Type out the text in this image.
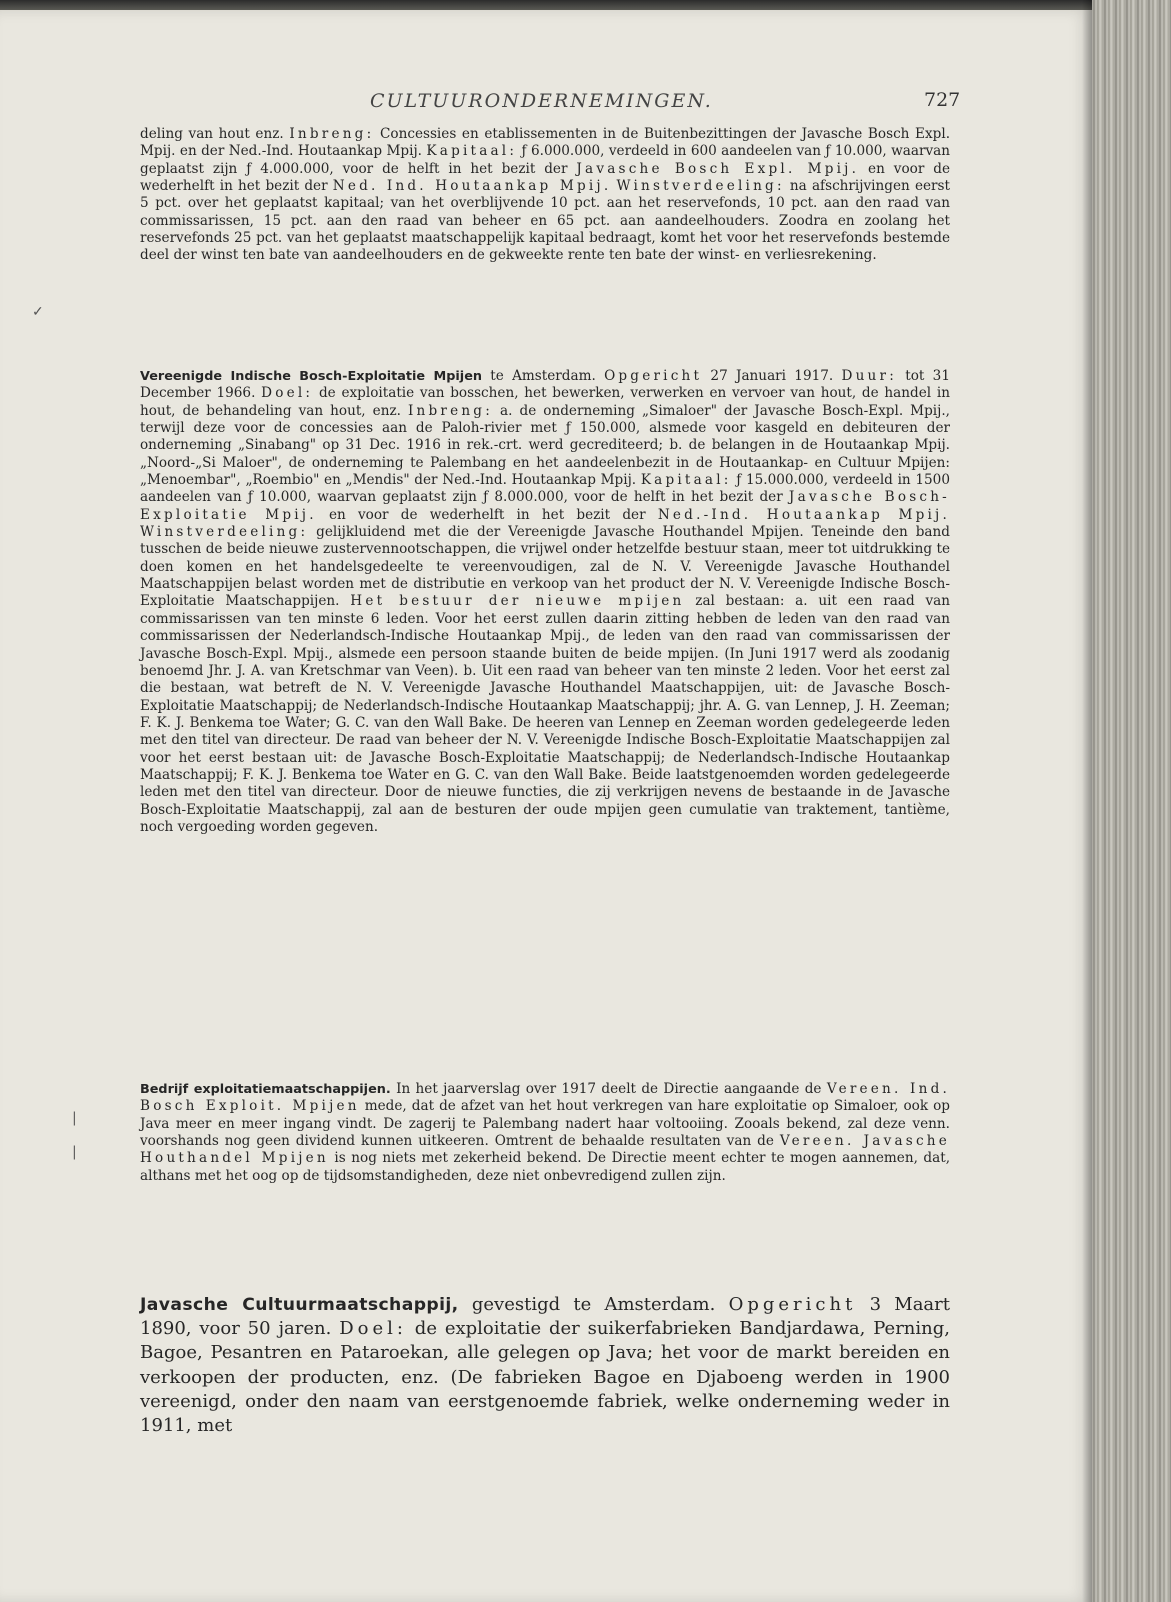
CULTUURONDERNEMINGEN.	727

deling van hout enz. Inbreng: Concessies en etablissementen in de Buitenbezittingen der Javasche Bosch Expl. Mpij. en der Ned.-Ind. Houtaankap Mpij. Kapitaal: ƒ 6.000.000, verdeeld in 600 aandeelen van ƒ 10.000, waarvan geplaatst zijn ƒ 4.000.000, voor de helft in het bezit der Javasche Bosch Expl. Mpij. en voor de wederhelft in het bezit der Ned. Ind. Houtaankap Mpij. Winstverdeeling: na afschrijvingen eerst 5 pct. over het geplaatst kapitaal; van het overblijvende 10 pct. aan het reservefonds, 10 pct. aan den raad van commissarissen, 15 pct. aan den raad van beheer en 65 pct. aan aandeelhouders. Zoodra en zoolang het reservefonds 25 pct. van het geplaatst maatschappelijk kapitaal bedraagt, komt het voor het reservefonds bestemde deel der winst ten bate van aandeelhouders en de gekweekte rente ten bate der winst- en verliesrekening.

Vereenigde Indische Bosch-Exploitatie Mpijen te Amsterdam. Opgericht 27 Januari 1917. Duur: tot 31 December 1966. Doel: de exploitatie van bosschen, het bewerken, verwerken en vervoer van hout, de handel in hout, de behandeling van hout, enz. Inbreng: a. de onderneming „Simaloer" der Javasche Bosch-Expl. Mpij., terwijl deze voor de concessies aan de Paloh-rivier met ƒ 150.000, alsmede voor kasgeld en debiteuren der onderneming „Sinabang" op 31 Dec. 1916 in rek.-crt. werd gecrediteerd; b. de belangen in de Houtaankap Mpij. „Noord-„Si Maloer", de onderneming te Palembang en het aandeelenbezit in de Houtaankap- en Cultuur Mpijen: „Menoembar", „Roembio" en „Mendis" der Ned.-Ind. Houtaankap Mpij. Kapitaal: ƒ 15.000.000, verdeeld in 1500 aandeelen van ƒ 10.000, waarvan geplaatst zijn ƒ 8.000.000, voor de helft in het bezit der Javasche Bosch-Exploitatie Mpij. en voor de wederhelft in het bezit der Ned.-Ind. Houtaankap Mpij. Winstverdeeling: gelijkluidend met die der Vereenigde Javasche Houthandel Mpijen. Teneinde den band tusschen de beide nieuwe zustervennootschappen, die vrijwel onder hetzelfde bestuur staan, meer tot uitdrukking te doen komen en het handelsgedeelte te vereenvoudigen, zal de N. V. Vereenigde Javasche Houthandel Maatschappijen belast worden met de distributie en verkoop van het product der N. V. Vereenigde Indische Bosch-Exploitatie Maatschappijen. Het bestuur der nieuwe mpijen zal bestaan: a. uit een raad van commissarissen van ten minste 6 leden. Voor het eerst zullen daarin zitting hebben de leden van den raad van commissarissen der Nederlandsch-Indische Houtaankap Mpij., de leden van den raad van commissarissen der Javasche Bosch-Expl. Mpij., alsmede een persoon staande buiten de beide mpijen. (In Juni 1917 werd als zoodanig benoemd Jhr. J. A. van Kretschmar van Veen). b. Uit een raad van beheer van ten minste 2 leden. Voor het eerst zal die bestaan, wat betreft de N. V. Vereenigde Javasche Houthandel Maatschappijen, uit: de Javasche Bosch-Exploitatie Maatschappij; de Nederlandsch-Indische Houtaankap Maatschappij; jhr. A. G. van Lennep, J. H. Zeeman; F. K. J. Benkema toe Water; G. C. van den Wall Bake. De heeren van Lennep en Zeeman worden gedelegeerde leden met den titel van directeur. De raad van beheer der N. V. Vereenigde Indische Bosch-Exploitatie Maatschappijen zal voor het eerst bestaan uit: de Javasche Bosch-Exploitatie Maatschappij; de Nederlandsch-Indische Houtaankap Maatschappij; F. K. J. Benkema toe Water en G. C. van den Wall Bake. Beide laatstgenoemden worden gedelegeerde leden met den titel van directeur. Door de nieuwe functies, die zij verkrijgen nevens de bestaande in de Javasche Bosch-Exploitatie Maatschappij, zal aan de besturen der oude mpijen geen cumulatie van traktement, tantième, noch vergoeding worden gegeven.

Bedrijf exploitatiemaatschappijen. In het jaarverslag over 1917 deelt de Directie aangaande de Vereen. Ind. Bosch Exploit. Mpijen mede, dat de afzet van het hout verkregen van hare exploitatie op Simaloer, ook op Java meer en meer ingang vindt. De zagerij te Palembang nadert haar voltooiing. Zooals bekend, zal deze venn. voorshands nog geen dividend kunnen uitkeeren. Omtrent de behaalde resultaten van de Vereen. Javasche Houthandel Mpijen is nog niets met zekerheid bekend. De Directie meent echter te mogen aannemen, dat, althans met het oog op de tijdsomstandigheden, deze niet onbevredigend zullen zijn.

Javasche Cultuurmaatschappij, gevestigd te Amsterdam. Opgericht 3 Maart 1890, voor 50 jaren. Doel: de exploitatie der suikerfabrieken Bandjardawa, Perning, Bagoe, Pesantren en Pataroekan, alle gelegen op Java; het voor de markt bereiden en verkoopen der producten, enz. (De fabrieken Bagoe en Djaboeng werden in 1900 vereenigd, onder den naam van eerstgenoemde fabriek, welke onderneming weder in 1911, met

✓
|
|
